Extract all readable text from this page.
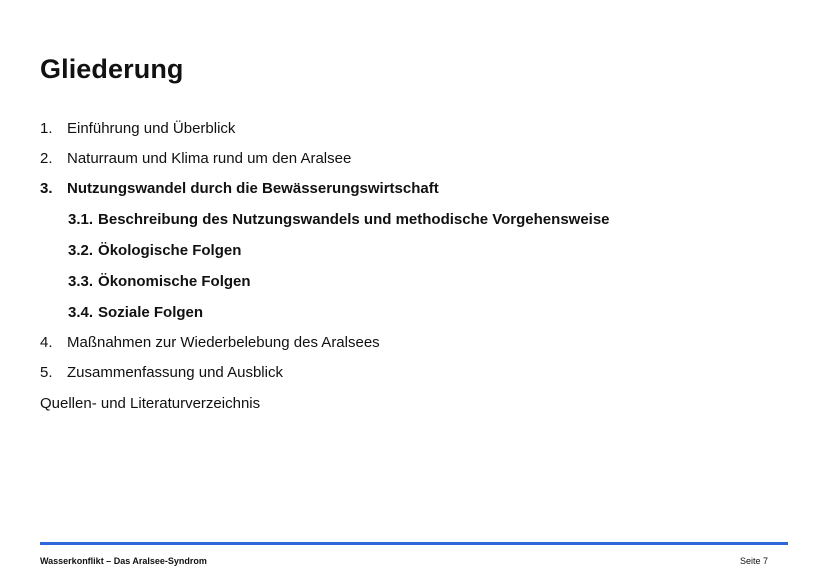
Gliederung
1. Einführung und Überblick
2. Naturraum und Klima rund um den Aralsee
3. Nutzungswandel durch die Bewässerungswirtschaft
3.1. Beschreibung des Nutzungswandels und methodische Vorgehensweise
3.2. Ökologische Folgen
3.3. Ökonomische Folgen
3.4. Soziale Folgen
4. Maßnahmen zur Wiederbelebung des Aralsees
5. Zusammenfassung und Ausblick
Quellen- und Literaturverzeichnis
Wasserkonflikt – Das Aralsee-Syndrom	Seite 7
